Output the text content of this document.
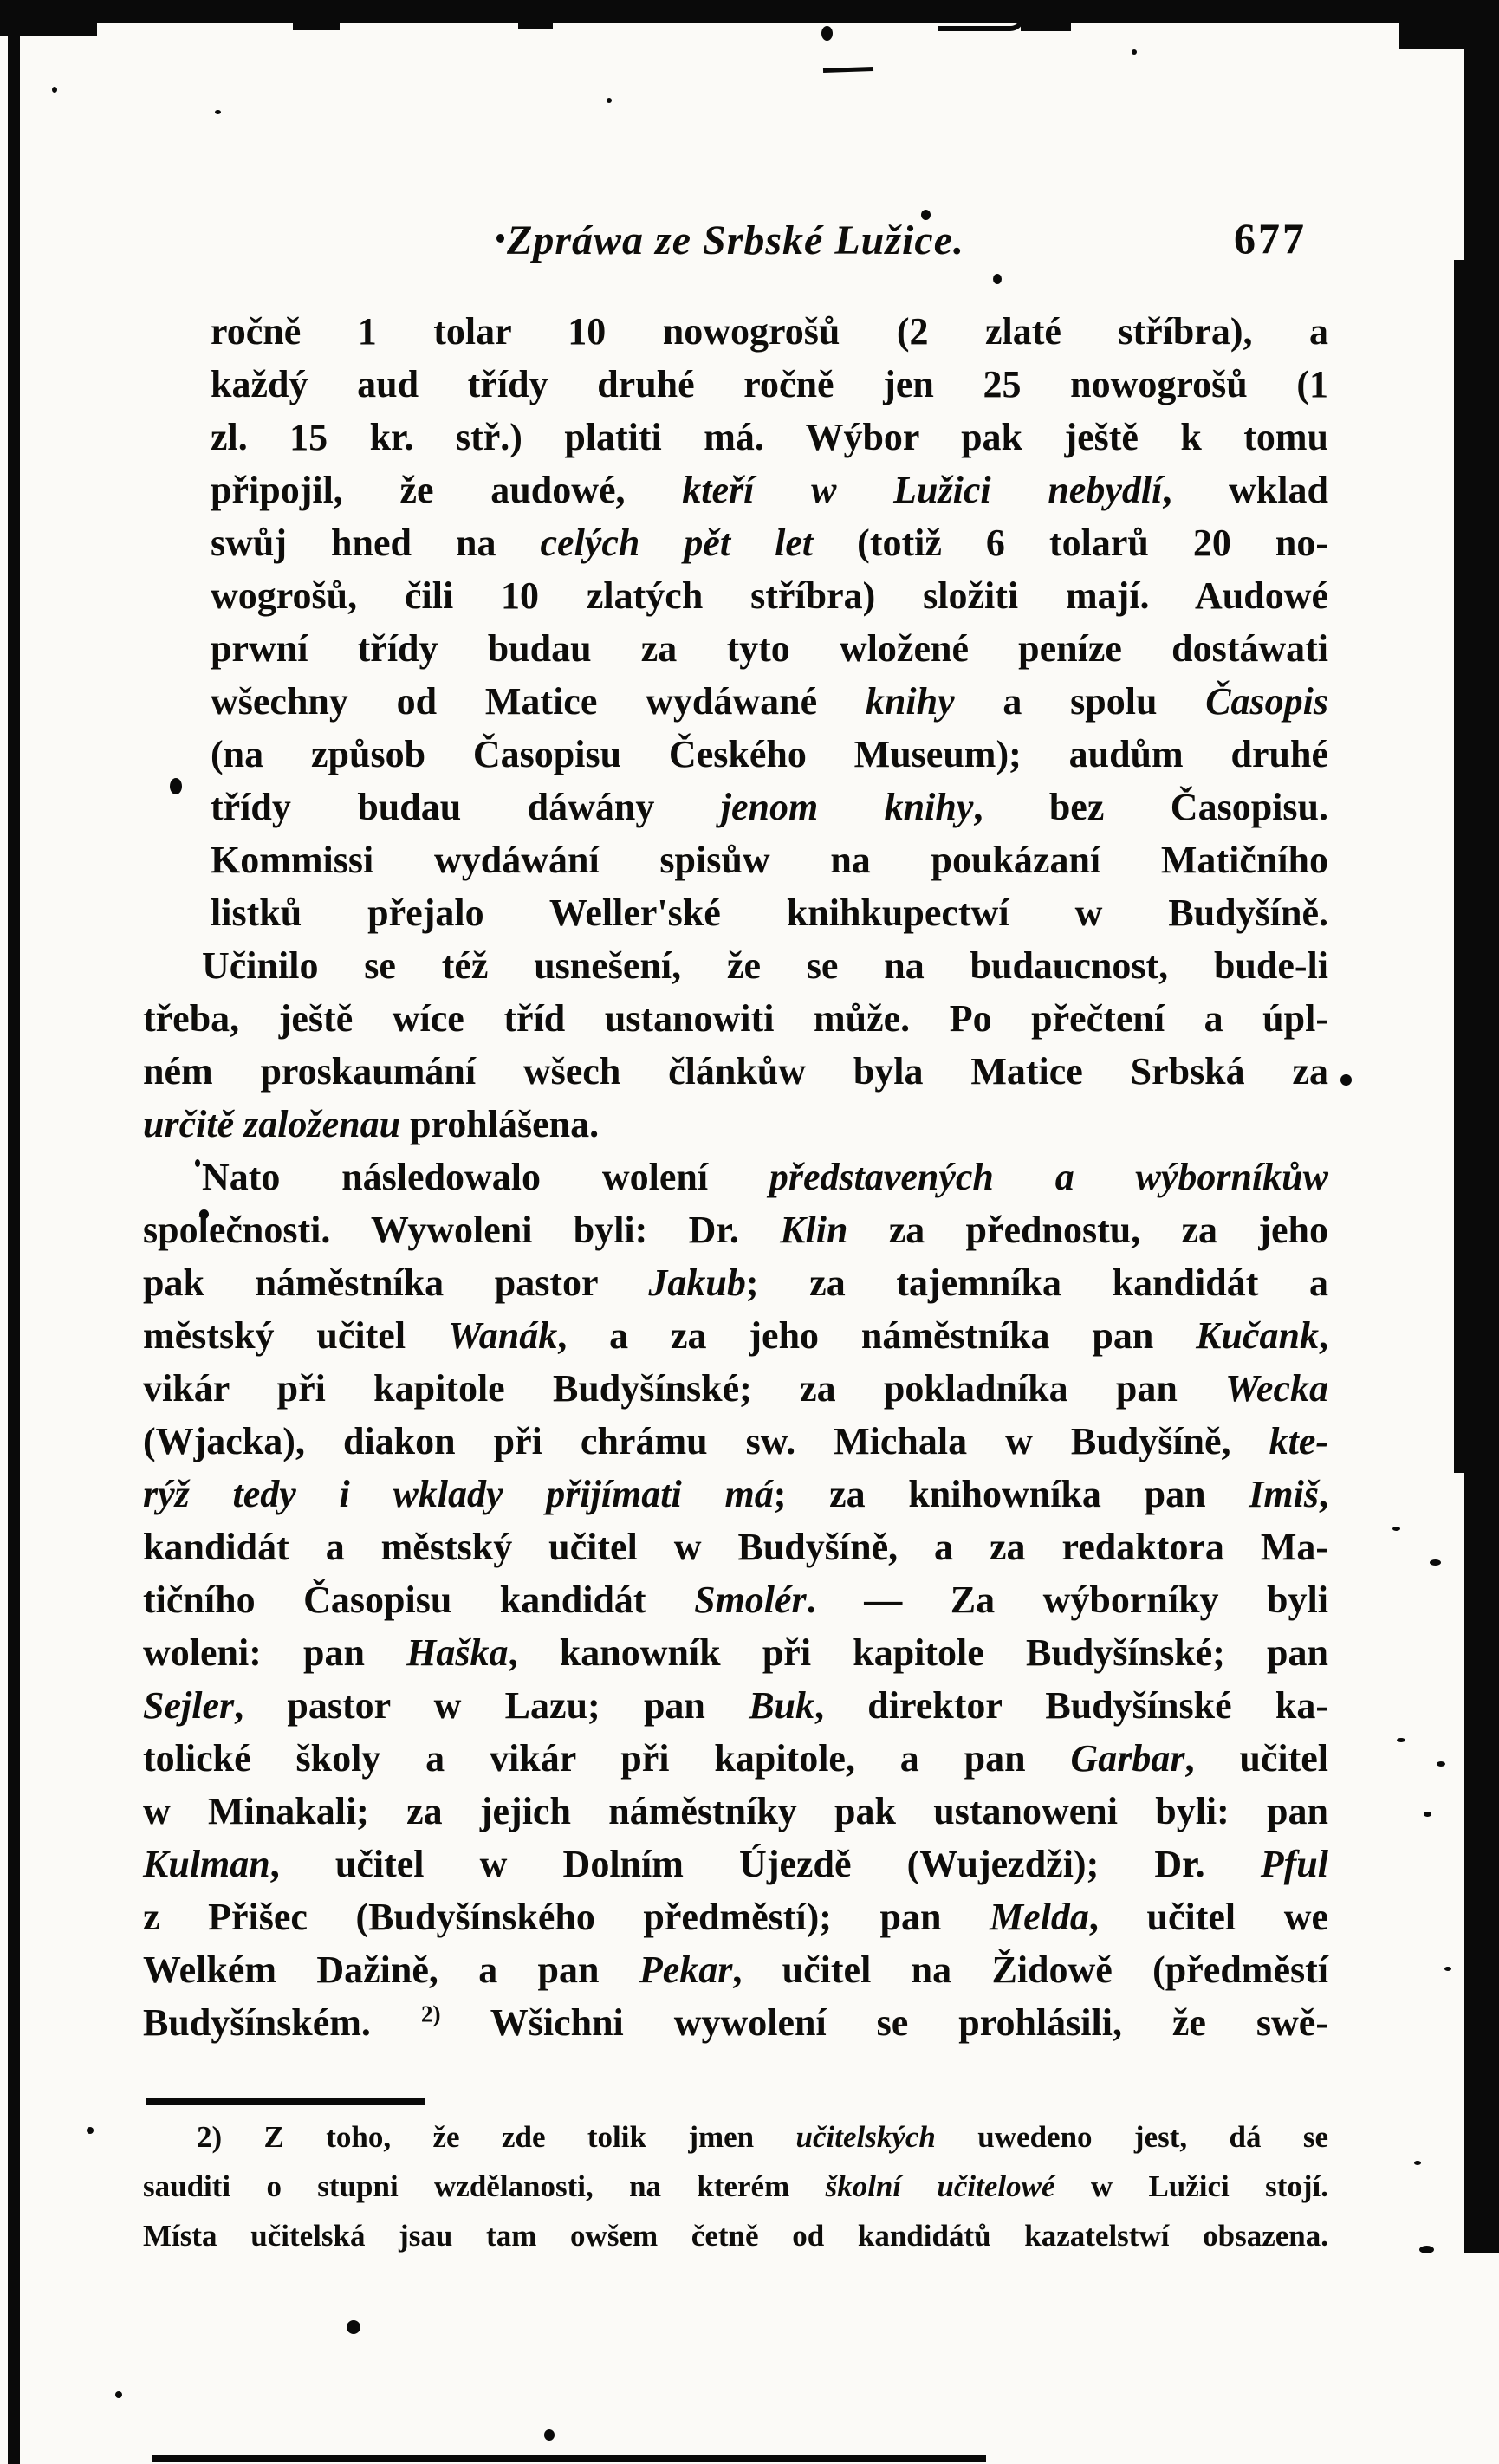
Zpráwa ze Srbské Lužice.	677
ročně 1 tolar 10 nowogrošů (2 zlaté stříbra), a
každý aud třídy druhé ročně jen 25 nowogrošů (1
zl. 15 kr. stř.) platiti má. Wýbor pak ještě k tomu
připojil, že audowé, kteří w Lužici nebydlí, wklad
swůj hned na celých pět let (totiž 6 tolarů 20 no-
wogrošů, čili 10 zlatých stříbra) složiti mají. Audowé
prwní třídy budau za tyto wložené peníze dostáwati
wšechny od Matice wydáwané knihy a spolu Časopis
(na způsob Časopisu Českého Museum); audům druhé
třídy budau dáwány jenom knihy, bez Časopisu.
Kommissi wydáwání spisůw na poukázaní Matičního
listků přejalo Weller'ské knihkupectwí w Budyšíně.
Učinilo se též usnešení, že se na budaucnost, bude-li
třeba, ještě wíce tříd ustanowiti může. Po přečtení a úpl-
ném proskaumání wšech článkůw byla Matice Srbská za
určitě založenau prohlášena.
Nato následowalo wolení představených a wýborníkůw
společnosti. Wywoleni byli: Dr. Klin za přednostu, za jeho
pak náměstníka pastor Jakub; za tajemníka kandidát a
městský učitel Wanák, a za jeho náměstníka pan Kučank,
vikár při kapitole Budyšínské; za pokladníka pan Wecka
(Wjacka), diakon při chrámu sw. Michala w Budyšíně, kte-
rýž tedy i wklady přijímati má; za knihowníka pan Imiš,
kandidát a městský učitel w Budyšíně, a za redaktora Ma-
tičního Časopisu kandidát Smolér. — Za wýborníky byli
woleni: pan Haška, kanowník při kapitole Budyšínské; pan
Sejler, pastor w Lazu; pan Buk, direktor Budyšínské ka-
tolické školy a vikár při kapitole, a pan Garbar, učitel
w Minakali; za jejich náměstníky pak ustanoweni byli: pan
Kulman, učitel w Dolním Újezdě (Wujezdži); Dr. Pful
z Přišec (Budyšínského předměstí); pan Melda, učitel we
Welkém Dažině, a pan Pekar, učitel na Židowě (předměstí
Budyšínském. $^{2)}$ Wšichni wywolení se prohlásili, že swě-
2) Z toho, že zde tolik jmen učitelských uwedeno jest, dá se
sauditi o stupni wzdělanosti, na kterém školní učitelowé w Lužici stojí.
Místa učitelská jsau tam owšem četně od kandidátů kazatelstwí obsazena.
